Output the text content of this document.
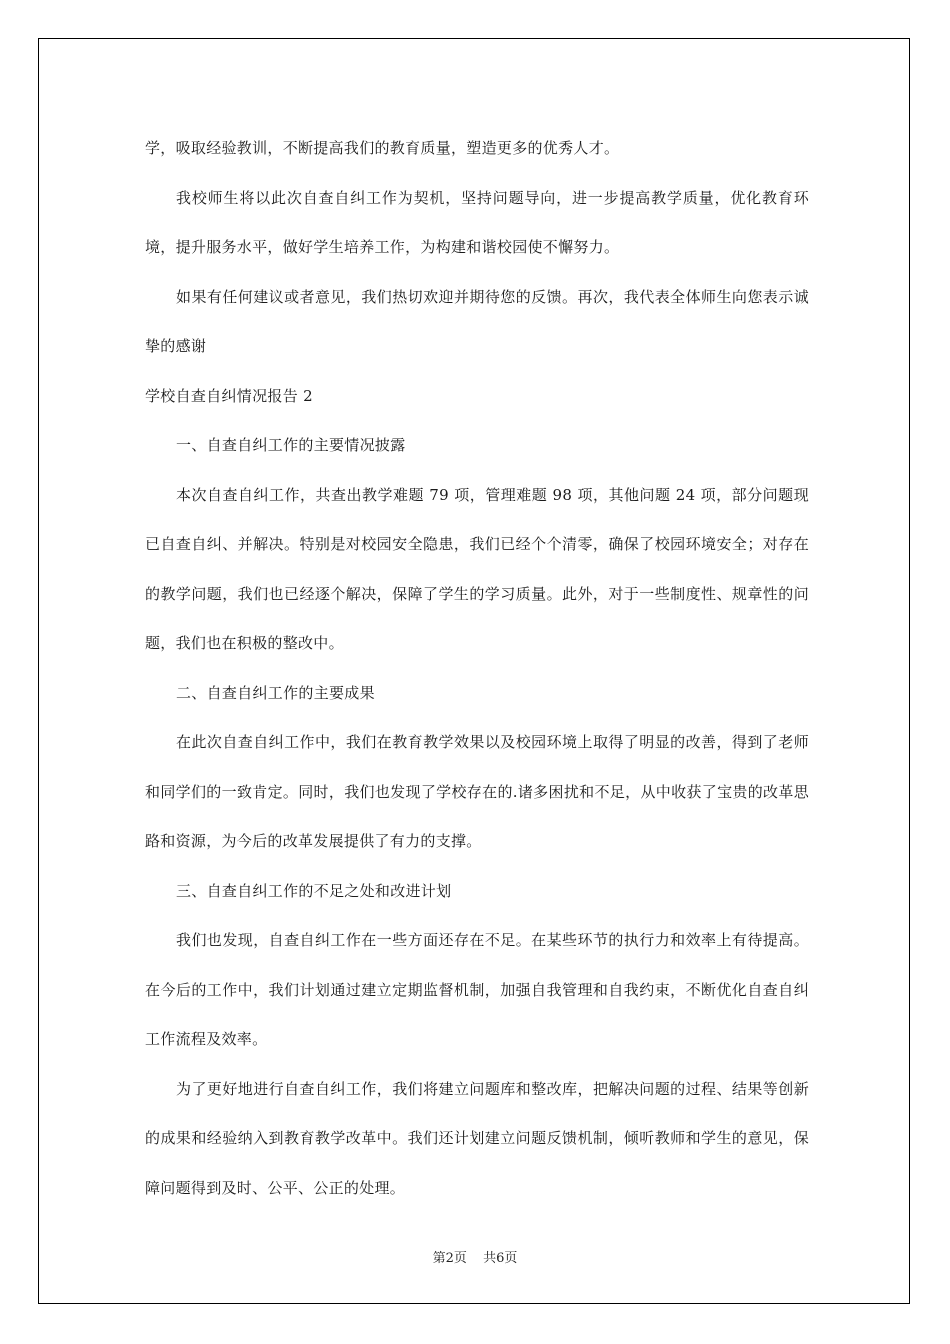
学，吸取经验教训，不断提高我们的教育质量，塑造更多的优秀人才。

我校师生将以此次自查自纠工作为契机，坚持问题导向，进一步提高教学质量，优化教育环境，提升服务水平，做好学生培养工作，为构建和谐校园使不懈努力。

如果有任何建议或者意见，我们热切欢迎并期待您的反馈。再次，我代表全体师生向您表示诚挚的感谢

学校自查自纠情况报告 2

一、自查自纠工作的主要情况披露

本次自查自纠工作，共查出教学难题 79 项，管理难题 98 项，其他问题 24 项，部分问题现已自查自纠、并解决。特别是对校园安全隐患，我们已经个个清零，确保了校园环境安全；对存在的教学问题，我们也已经逐个解决，保障了学生的学习质量。此外，对于一些制度性、规章性的问题，我们也在积极的整改中。

二、自查自纠工作的主要成果

在此次自查自纠工作中，我们在教育教学效果以及校园环境上取得了明显的改善，得到了老师和同学们的一致肯定。同时，我们也发现了学校存在的.诸多困扰和不足，从中收获了宝贵的改革思路和资源，为今后的改革发展提供了有力的支撑。

三、自查自纠工作的不足之处和改进计划

我们也发现，自查自纠工作在一些方面还存在不足。在某些环节的执行力和效率上有待提高。在今后的工作中，我们计划通过建立定期监督机制，加强自我管理和自我约束，不断优化自查自纠工作流程及效率。

为了更好地进行自查自纠工作，我们将建立问题库和整改库，把解决问题的过程、结果等创新的成果和经验纳入到教育教学改革中。我们还计划建立问题反馈机制，倾听教师和学生的意见，保障问题得到及时、公平、公正的处理。

第2页 共6页
